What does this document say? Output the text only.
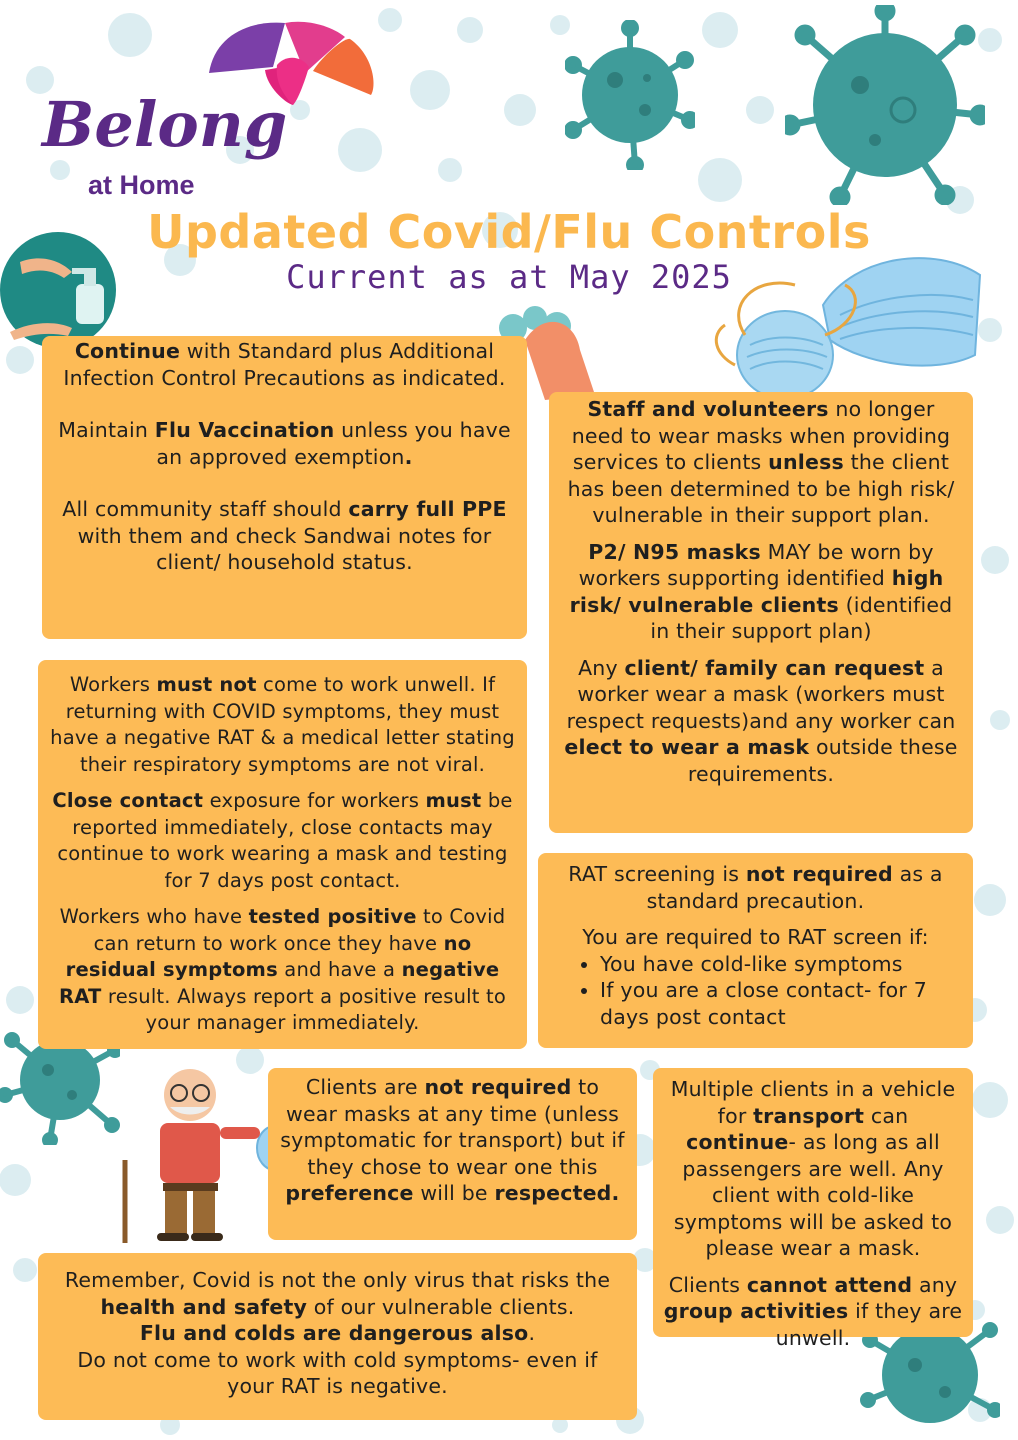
Belong
at Home
Updated Covid/Flu Controls
Current as at May 2025

Continue with Standard plus Additional Infection Control Precautions as indicated.

Maintain Flu Vaccination unless you have an approved exemption.

All community staff should carry full PPE with them and check Sandwai notes for client/ household status.

Staff and volunteers no longer need to wear masks when providing services to clients unless the client has been determined to be high risk/ vulnerable in their support plan.

P2/ N95 masks MAY be worn by workers supporting identified high risk/ vulnerable clients (identified in their support plan)

Any client/ family can request a worker wear a mask (workers must respect requests)and any worker can elect to wear a mask outside these requirements.

Workers must not come to work unwell. If returning with COVID symptoms, they must have a negative RAT & a medical letter stating their respiratory symptoms are not viral.

Close contact exposure for workers must be reported immediately, close contacts may continue to work wearing a mask and testing for 7 days post contact.

Workers who have tested positive to Covid can return to work once they have no residual symptoms and have a negative RAT result. Always report a positive result to your manager immediately.

RAT screening is not required as a standard precaution.

You are required to RAT screen if:

• You have cold-like symptoms
• If you are a close contact- for 7 days post contact

Clients are not required to wear masks at any time (unless symptomatic for transport) but if they chose to wear one this preference will be respected.

Multiple clients in a vehicle for transport can continue- as long as all passengers are well. Any client with cold-like symptoms will be asked to please wear a mask.

Clients cannot attend any group activities if they are unwell.

Remember, Covid is not the only virus that risks the health and safety of our vulnerable clients.

Flu and colds are dangerous also.

Do not come to work with cold symptoms- even if your RAT is negative.
